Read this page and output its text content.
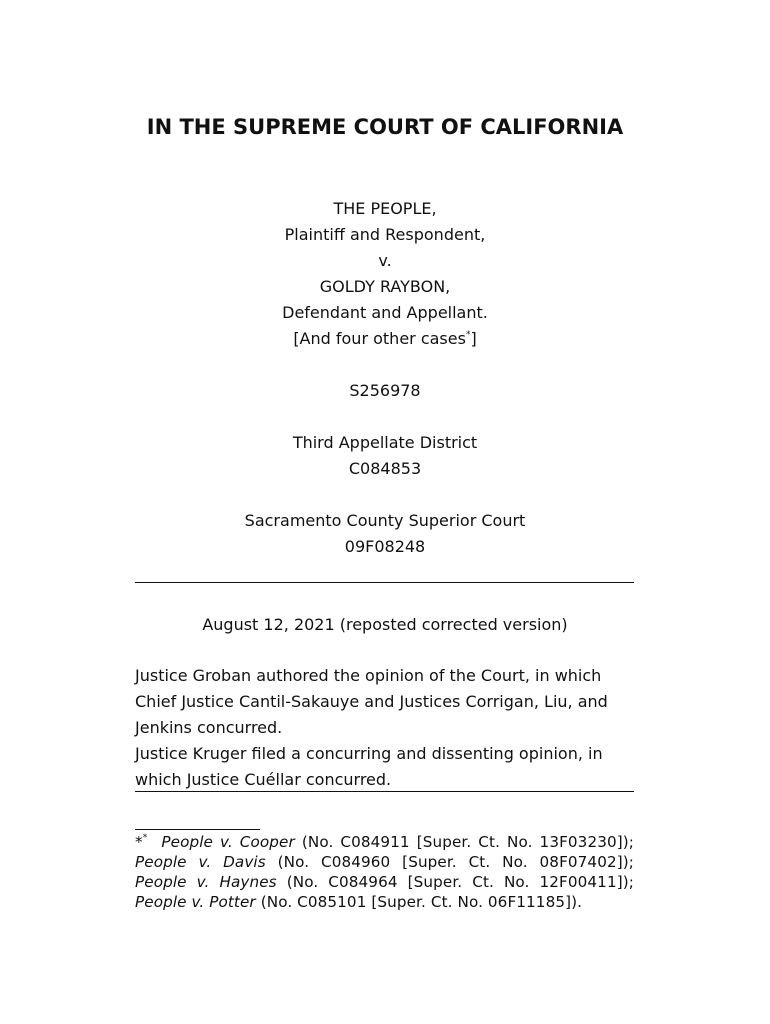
IN THE SUPREME COURT OF CALIFORNIA
THE PEOPLE,
Plaintiff and Respondent,
v.
GOLDY RAYBON,
Defendant and Appellant.
[And four other cases*]
S256978
Third Appellate District
C084853
Sacramento County Superior Court
09F08248
August 12, 2021 (reposted corrected version)
Justice Groban authored the opinion of the Court, in which Chief Justice Cantil-Sakauye and Justices Corrigan, Liu, and Jenkins concurred.
Justice Kruger filed a concurring and dissenting opinion, in which Justice Cuéllar concurred.
** People v. Cooper (No. C084911 [Super. Ct. No. 13F03230]); People v. Davis (No. C084960 [Super. Ct. No. 08F07402]); People v. Haynes (No. C084964 [Super. Ct. No. 12F00411]); People v. Potter (No. C085101 [Super. Ct. No. 06F11185]).
